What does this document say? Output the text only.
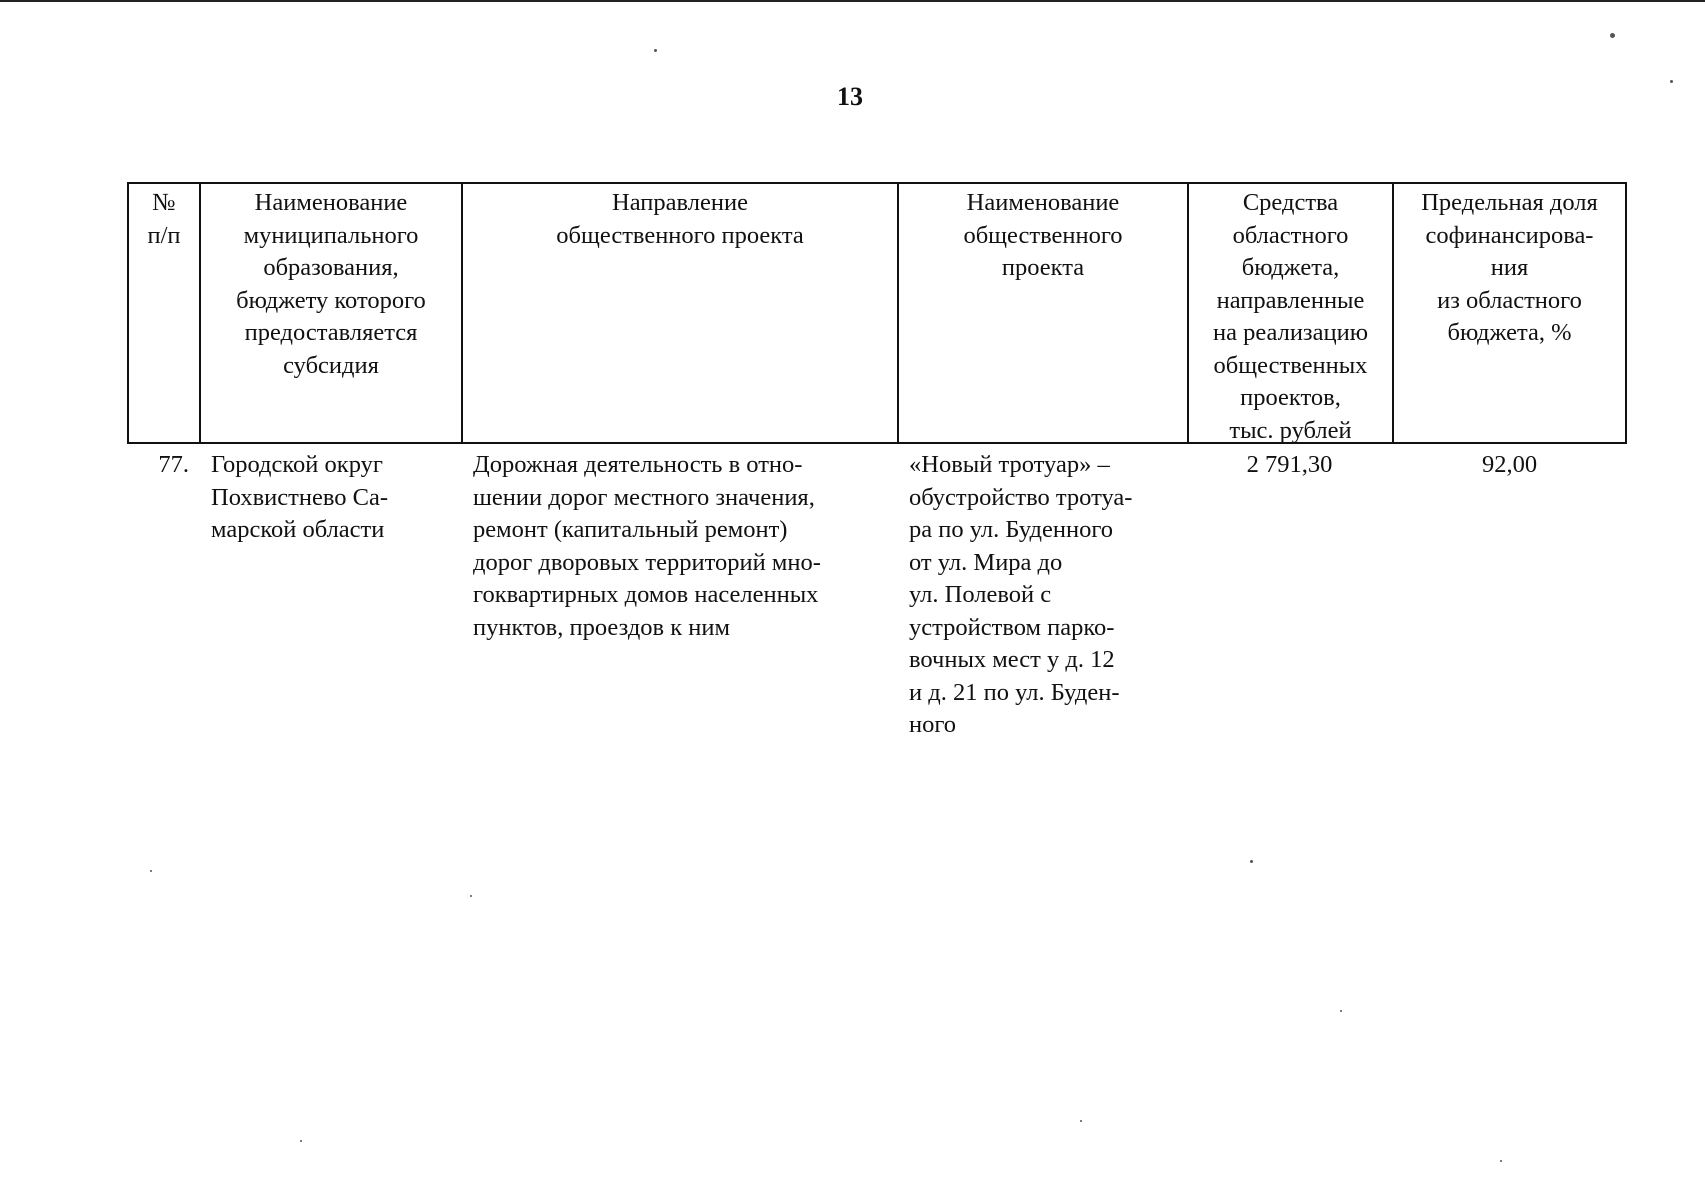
13
№
п/п
Наименование
муниципального
образования,
бюджету которого
предоставляется
субсидия
Направление
общественного проекта
Наименование
общественного
проекта
Средства
областного
бюджета,
направленные
на реализацию
общественных
проектов,
тыс. рублей
Предельная доля
софинансирова-
ния
из областного
бюджета, %
77. Городской округ
Похвистнево Са-
марской области
Дорожная деятельность в отно-
шении дорог местного значения,
ремонт (капитальный ремонт)
дорог дворовых территорий мно-
гоквартирных домов населенных
пунктов, проездов к ним
«Новый тротуар» –
обустройство тротуа-
ра по ул. Буденного
от ул. Мира до
ул. Полевой с
устройством парко-
вочных мест у д. 12
и д. 21 по ул. Буден-
ного
2 791,30	92,00
